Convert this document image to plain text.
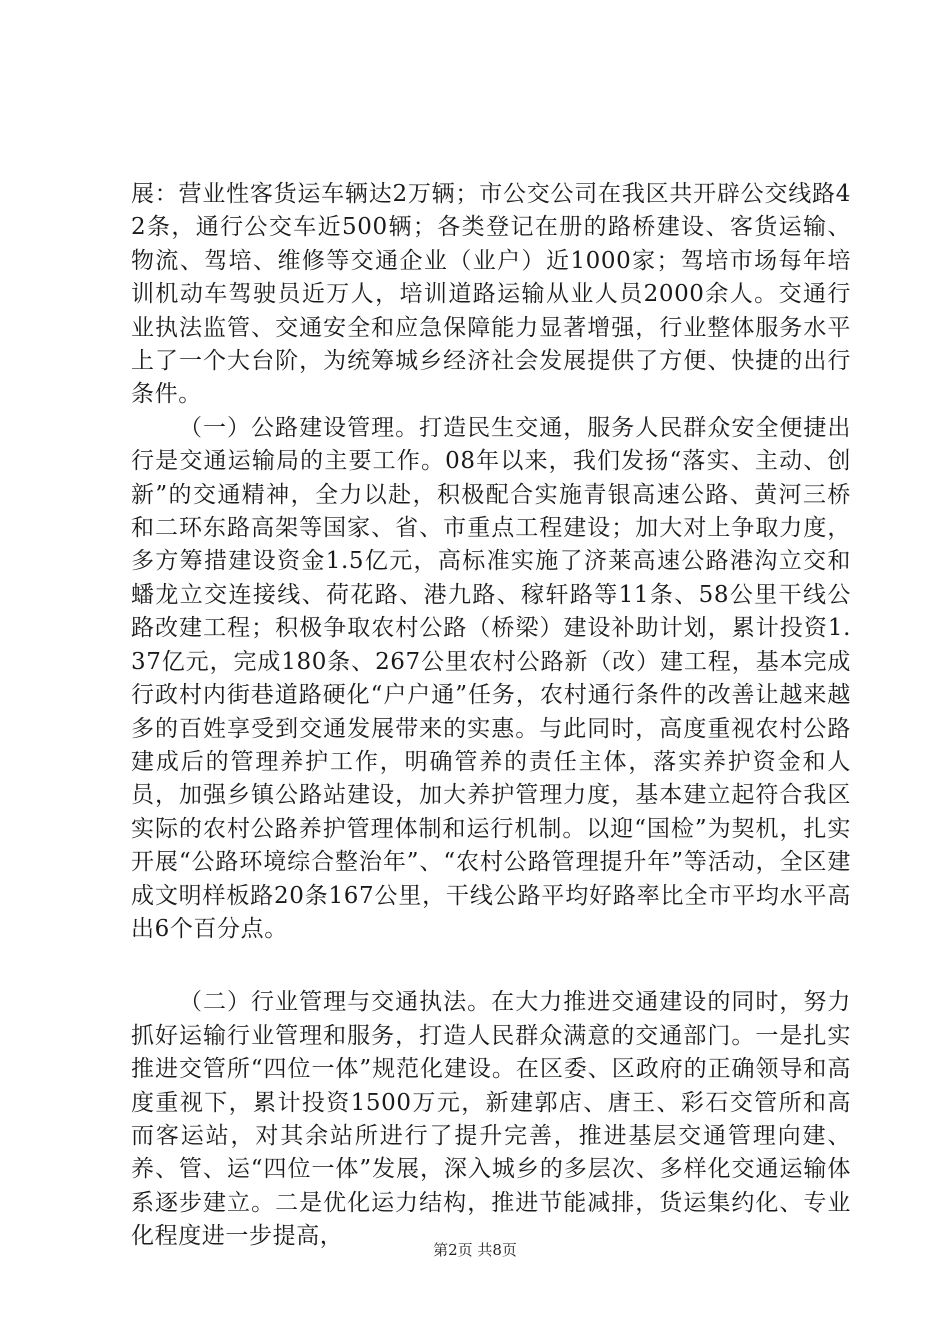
展：营业性客货运车辆达2万辆；市公交公司在我区共开辟公交线路42条，通行公交车近500辆；各类登记在册的路桥建设、客货运输、物流、驾培、维修等交通企业（业户）近1000家；驾培市场每年培训机动车驾驶员近万人，培训道路运输从业人员2000余人。交通行业执法监管、交通安全和应急保障能力显著增强，行业整体服务水平上了一个大台阶，为统筹城乡经济社会发展提供了方便、快捷的出行条件。

（一）公路建设管理。打造民生交通，服务人民群众安全便捷出行是交通运输局的主要工作。08年以来，我们发扬“落实、主动、创新”的交通精神，全力以赴，积极配合实施青银高速公路、黄河三桥和二环东路高架等国家、省、市重点工程建设；加大对上争取力度，多方筹措建设资金1.5亿元，高标准实施了济莱高速公路港沟立交和蟠龙立交连接线、荷花路、港九路、稼轩路等11条、58公里干线公路改建工程；积极争取农村公路（桥梁）建设补助计划，累计投资1.37亿元，完成180条、267公里农村公路新（改）建工程，基本完成行政村内街巷道路硬化“户户通”任务，农村通行条件的改善让越来越多的百姓享受到交通发展带来的实惠。与此同时，高度重视农村公路建成后的管理养护工作，明确管养的责任主体，落实养护资金和人员，加强乡镇公路站建设，加大养护管理力度，基本建立起符合我区实际的农村公路养护管理体制和运行机制。以迎“国检”为契机，扎实开展“公路环境综合整治年”、“农村公路管理提升年”等活动，全区建成文明样板路20条167公里，干线公路平均好路率比全市平均水平高出6个百分点。

（二）行业管理与交通执法。在大力推进交通建设的同时，努力抓好运输行业管理和服务，打造人民群众满意的交通部门。一是扎实推进交管所“四位一体”规范化建设。在区委、区政府的正确领导和高度重视下，累计投资1500万元，新建郭店、唐王、彩石交管所和高而客运站，对其余站所进行了提升完善，推进基层交通管理向建、养、管、运“四位一体”发展，深入城乡的多层次、多样化交通运输体系逐步建立。二是优化运力结构，推进节能减排，货运集约化、专业化程度进一步提高，

第2页 共8页
